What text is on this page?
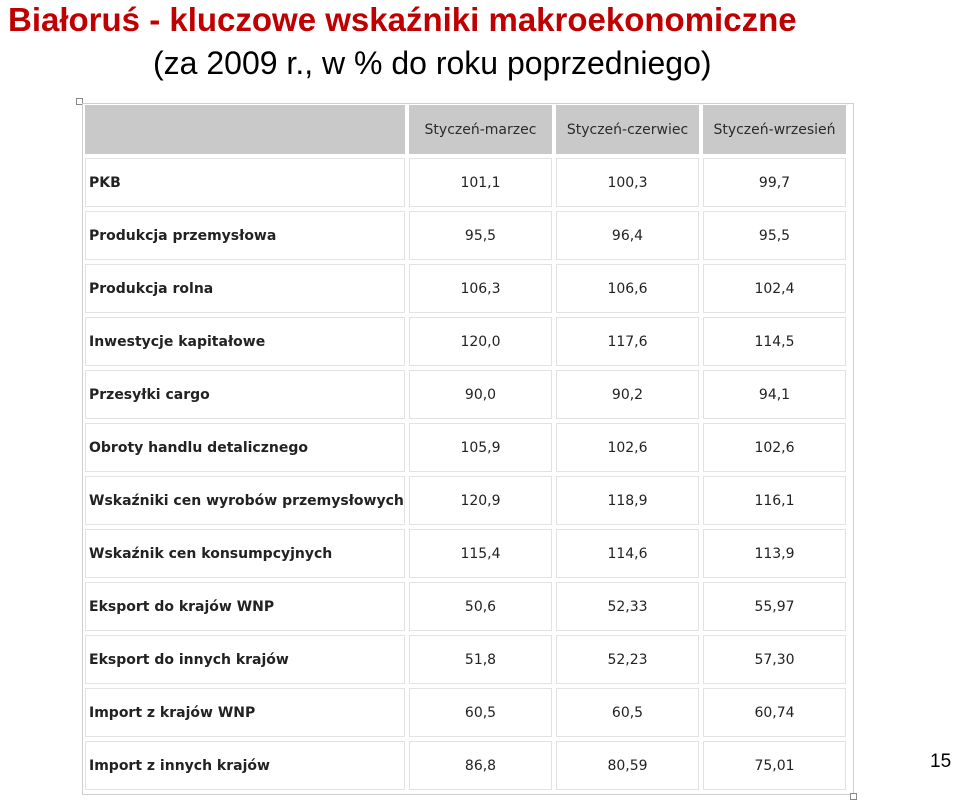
Białoruś - kluczowe wskaźniki makroekonomiczne
(za 2009 r., w % do roku poprzedniego)
	Styczeń-marzec	Styczeń-czerwiec	Styczeń-wrzesień
PKB	101,1	100,3	99,7
Produkcja przemysłowa	95,5	96,4	95,5
Produkcja rolna	106,3	106,6	102,4
Inwestycje kapitałowe	120,0	117,6	114,5
Przesyłki cargo	90,0	90,2	94,1
Obroty handlu detalicznego	105,9	102,6	102,6
Wskaźniki cen wyrobów przemysłowych	120,9	118,9	116,1
Wskaźnik cen konsumpcyjnych	115,4	114,6	113,9
Eksport do krajów WNP	50,6	52,33	55,97
Eksport do innych krajów	51,8	52,23	57,30
Import z krajów WNP	60,5	60,5	60,74
Import z innych krajów	86,8	80,59	75,01	15
